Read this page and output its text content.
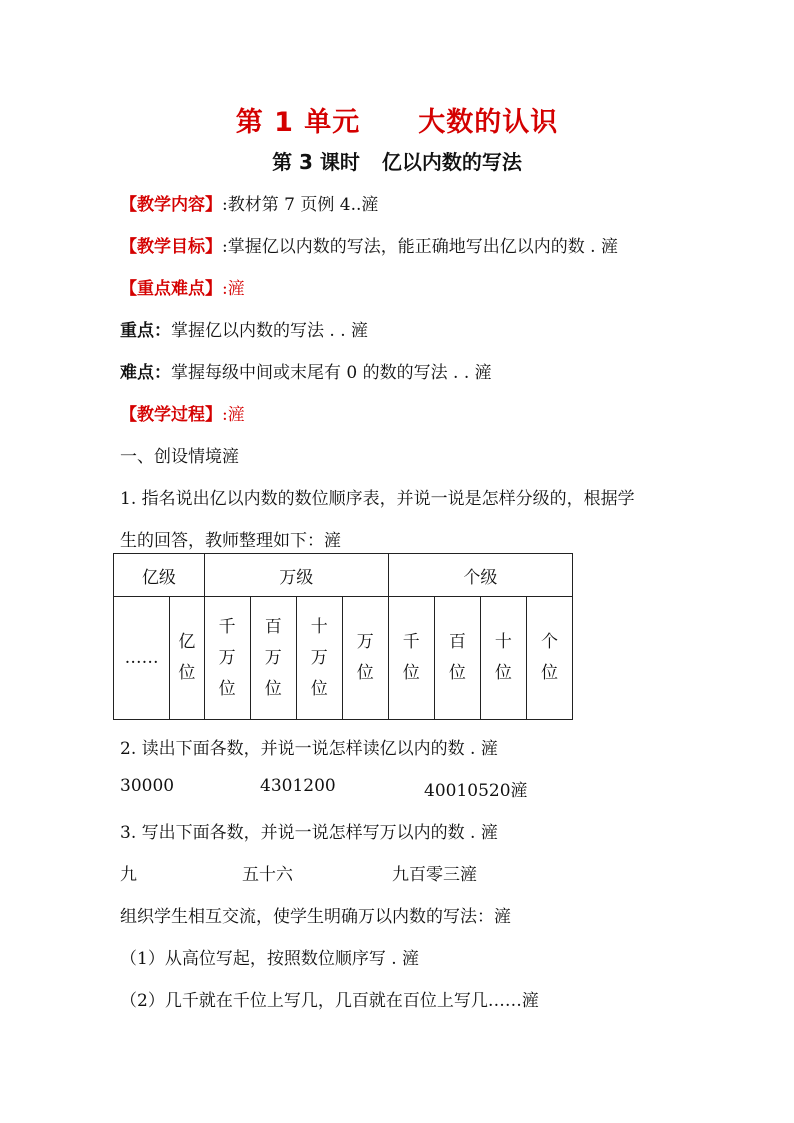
第 1 单元 大数的认识
第 3 课时 亿以内数的写法
【教学内容】:教材第 7 页例 4..滻
【教学目标】:掌握亿以内数的写法，能正确地写出亿以内的数 . 滻
【重点难点】:滻
重点：掌握亿以内数的写法 . . 滻
难点：掌握每级中间或末尾有 0 的数的写法 . . 滻
【教学过程】:滻
一、创设情境滻
1. 指名说出亿以内数的数位顺序表，并说一说是怎样分级的，根据学
生的回答，教师整理如下：滻
亿级		万级				个级			
……	亿位	千万位	百万位	十万位	万位	千位	百位	十位	个位
2. 读出下面各数，并说一说怎样读亿以内的数 . 滻
30000	4301200	40010520滻
3. 写出下面各数，并说一说怎样写万以内的数 . 滻
九	五十六	九百零三滻
组织学生相互交流，使学生明确万以内数的写法：滻
（1）从高位写起，按照数位顺序写 . 滻
（2）几千就在千位上写几，几百就在百位上写几……滻
